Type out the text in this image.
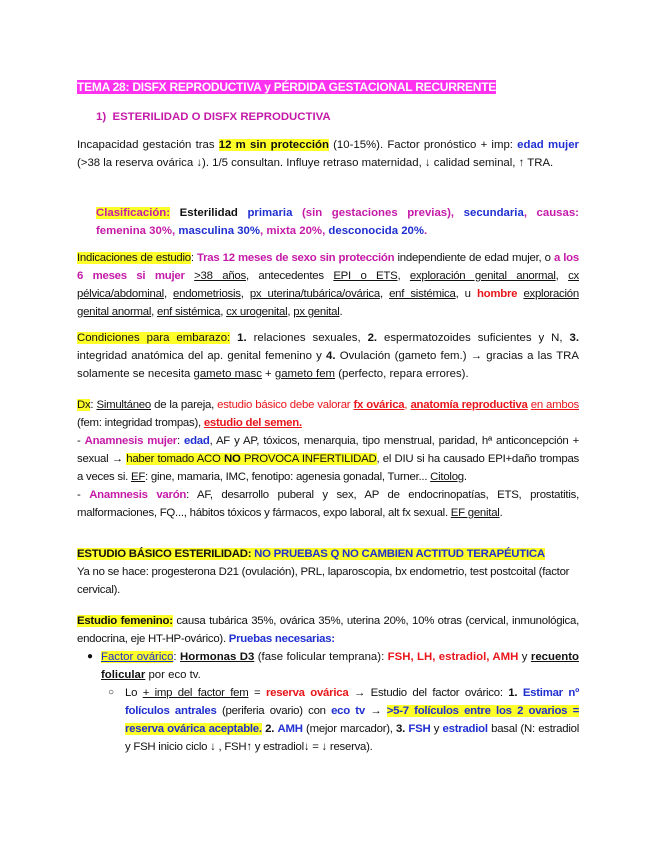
TEMA 28: DISFX REPRODUCTIVA y PÉRDIDA GESTACIONAL RECURRENTE

1) ESTERILIDAD O DISFX REPRODUCTIVA

Incapacidad gestación tras 12 m sin protección (10-15%). Factor pronóstico + imp: edad mujer (>38 la reserva ovárica ↓). 1/5 consultan. Influye retraso maternidad, ↓ calidad seminal, ↑ TRA.

Clasificación: Esterilidad primaria (sin gestaciones previas), secundaria, causas: femenina 30%, masculina 30%, mixta 20%, desconocida 20%.

Indicaciones de estudio: Tras 12 meses de sexo sin protección independiente de edad mujer, o a los 6 meses si mujer >38 años, antecedentes EPI o ETS, exploración genital anormal, cx pélvica/abdominal, endometriosis, px uterina/tubárica/ovárica, enf sistémica, u hombre exploración genital anormal, enf sistémica, cx urogenital, px genital.

Condiciones para embarazo: 1. relaciones sexuales, 2. espermatozoides suficientes y N, 3. integridad anatómica del ap. genital femenino y 4. Ovulación (gameto fem.) → gracias a las TRA solamente se necesita gameto masc + gameto fem (perfecto, repara errores).

Dx: Simultáneo de la pareja, estudio básico debe valorar fx ovárica, anatomía reproductiva en ambos (fem: integridad trompas), estudio del semen.
- Anamnesis mujer: edad, AF y AP, tóxicos, menarquia, tipo menstrual, paridad, hª anticoncepción + sexual → haber tomado ACO NO PROVOCA INFERTILIDAD, el DIU si ha causado EPI+daño trompas a veces si. EF: gine, mamaria, IMC, fenotipo: agenesia gonadal, Turner... Citolog.
- Anamnesis varón: AF, desarrollo puberal y sex, AP de endocrinopatías, ETS, prostatitis, malformaciones, FQ..., hábitos tóxicos y fármacos, expo laboral, alt fx sexual. EF genital.
ESTUDIO BÁSICO ESTERILIDAD: NO PRUEBAS Q NO CAMBIEN ACTITUD TERAPÉUTICA
Ya no se hace: progesterona D21 (ovulación), PRL, laparoscopia, bx endometrio, test postcoital (factor cervical).

Estudio femenino: causa tubárica 35%, ovárica 35%, uterina 20%, 10% otras (cervical, inmunológica, endocrina, eje HT-HP-ovárico). Pruebas necesarias:

● Factor ovárico: Hormonas D3 (fase folicular temprana): FSH, LH, estradiol, AMH y recuento folicular por eco tv.
○ Lo + imp del factor fem = reserva ovárica → Estudio del factor ovárico: 1. Estimar nº folículos antrales (periferia ovario) con eco tv → >5-7 folículos entre los 2 ovarios = reserva ovárica aceptable. 2. AMH (mejor marcador), 3. FSH y estradiol basal (N: estradiol y FSH inicio ciclo ↓ , FSH↑ y estradiol↓ = ↓ reserva).
